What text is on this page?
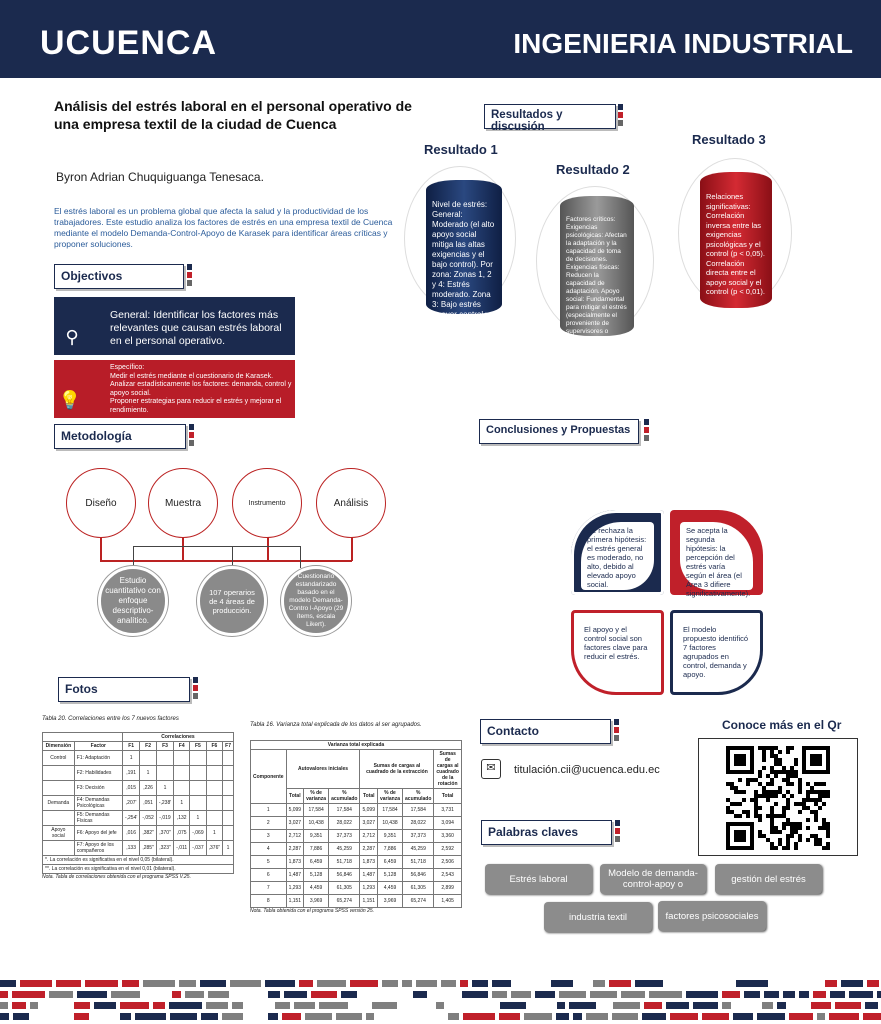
UCUENCA	INGENIERIA INDUSTRIAL
Análisis del estrés laboral en el personal operativo de una empresa textil de la ciudad de Cuenca
Byron Adrian Chuquiguanga Tenesaca.
El estrés laboral es un problema global que afecta la salud y la productividad de los trabajadores. Este estudio analiza los factores de estrés en una empresa textil de Cuenca mediante el modelo Demanda-Control-Apoyo de Karasek para identificar áreas críticas y proponer soluciones.
Objectivos
⚲
General: Identificar los factores más relevantes que causan estrés laboral en el personal operativo.
💡
Específico:
Medir el estrés mediante el cuestionario de Karasek.
Analizar estadísticamente los factores: demanda, control y apoyo social.
Proponer estrategias para reducir el estrés y mejorar el rendimiento.
Metodología
Diseño	Muestra	Instrumento	Análisis
Estudio cuantitativo con enfoque descriptivo-analítico.
107 operarios de 4 áreas de producción.
Cuestionario estandarizado basado en el modelo Demanda-Contro l-Apoyo (29 ítems, escala Likert).
Fotos
Tabla 20. Correlaciones entre los 7 nuevos factores
		Correlaciones						
Dimensión	Factor	F1	F2	F3	F4	F5	F6	F7
Control	F1: Adaptación	1						
	F2: Habilidades	,191	1					
	F3: Decisión	,015	,226	1				
Demanda	F4: Demandas Psicológicas	,207'	,051	-,238'	1			
	F5: Demandas Físicas	-,254'	-,052	-,019	,132	1		
Apoyo social	F6: Apoyo del jefe	,016	,382"	,370"	,075	-,069	1	
	F7: Apoyo de los compañeros	,133	,285"	,323"	-,011	-,037	,376"	1
*. La correlación es significativa en el nivel 0,05 (bilateral).								
**. La correlación es significativa en el nivel 0,01 (bilateral).								
Nota. Tabla de correlaciones obtenida con el programa SPSS V.25.
Tabla 16. Varianza total explicada de los datos al ser agrupados.
Varianza total explicada							
Componente	Autovalores iniciales			Sumas de cargas al cuadrado de la extracción			Sumas de cargas al cuadrado de la rotación
	Total	% de varianza	% acumulado	Total	% de varianza	% acumulado	Total
1	5,099	17,584	17,584	5,099	17,584	17,584	3,731
2	3,027	10,438	28,022	3,027	10,438	28,022	3,094
3	2,712	9,351	37,373	2,712	9,351	37,373	3,360
4	2,287	7,886	45,259	2,287	7,886	45,259	2,592
5	1,873	6,459	51,718	1,873	6,459	51,718	2,506
6	1,487	5,128	56,846	1,487	5,128	56,846	2,543
7	1,293	4,459	61,305	1,293	4,459	61,305	2,899
8	1,151	3,969	65,274	1,151	3,969	65,274	1,405
Nota. Tabla obtenida con el programa SPSS versión 25.
Resultados y discusión
Resultado 1
Nivel de estrés: General: Moderado (el alto apoyo social mitiga las altas exigencias y el bajo control). Por zona: Zonas 1, 2 y 4: Estrés moderado. Zona 3: Bajo estrés (mayor control y apoyo).
Resultado 2
Factores críticos: Exigencias psicológicas: Afectan la adaptación y la capacidad de toma de decisiones. Exigencias físicas: Reducen la capacidad de adaptación. Apoyo social: Fundamental para mitigar el estrés (especialmente el proveniente de supervisores o compañeros).
Resultado 3
Relaciones significativas: Correlación inversa entre las exigencias psicológicas y el control (p < 0,05). Correlación directa entre el apoyo social y el control (p < 0,01).
Conclusiones y Propuestas
Se rechaza la primera hipótesis: el estrés general es moderado, no alto, debido al elevado apoyo social.
Se acepta la segunda hipótesis: la percepción del estrés varía según el área (el Área 3 difiere significativamente).
El apoyo y el control social son factores clave para reducir el estrés.
El modelo propuesto identificó 7 factores agrupados en control, demanda y apoyo.
Contacto
✉	titulación.cii@ucuenca.edu.ec
Conoce más en el Qr
Palabras claves
Estrés laboral	Modelo de demanda-control-apoy o	gestión del estrés
industria textil	factores psicosociales
